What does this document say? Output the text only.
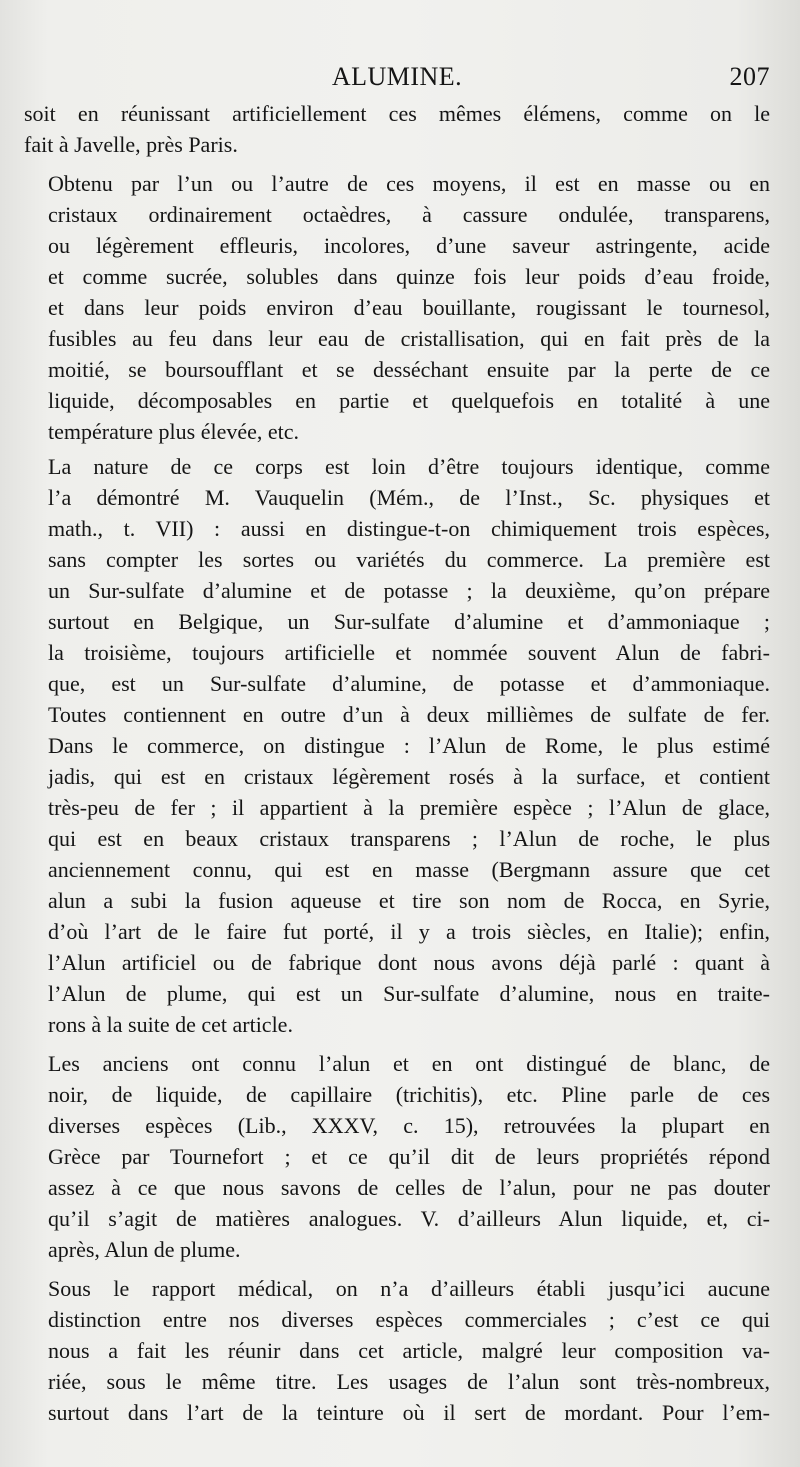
ALUMINE.	207

soit en réunissant artificiellement ces mêmes élémens, comme on le
fait à Javelle, près Paris.

Obtenu par l’un ou l’autre de ces moyens, il est en masse ou en
cristaux ordinairement octaèdres, à cassure ondulée, transparens,
ou légèrement effleuris, incolores, d’une saveur astringente, acide
et comme sucrée, solubles dans quinze fois leur poids d’eau froide,
et dans leur poids environ d’eau bouillante, rougissant le tournesol,
fusibles au feu dans leur eau de cristallisation, qui en fait près de la
moitié, se boursoufflant et se desséchant ensuite par la perte de ce
liquide, décomposables en partie et quelquefois en totalité à une
température plus élevée, etc.

La nature de ce corps est loin d’être toujours identique, comme
l’a démontré M. Vauquelin (Mém., de l’Inst., Sc. physiques et
math., t. VII) : aussi en distingue-t-on chimiquement trois espèces,
sans compter les sortes ou variétés du commerce. La première est
un Sur-sulfate d’alumine et de potasse ; la deuxième, qu’on prépare
surtout en Belgique, un Sur-sulfate d’alumine et d’ammoniaque ;
la troisième, toujours artificielle et nommée souvent Alun de fabri-
que, est un Sur-sulfate d’alumine, de potasse et d’ammoniaque.
Toutes contiennent en outre d’un à deux millièmes de sulfate de fer.
Dans le commerce, on distingue : l’Alun de Rome, le plus estimé
jadis, qui est en cristaux légèrement rosés à la surface, et contient
très-peu de fer ; il appartient à la première espèce ; l’Alun de glace,
qui est en beaux cristaux transparens ; l’Alun de roche, le plus
anciennement connu, qui est en masse (Bergmann assure que cet
alun a subi la fusion aqueuse et tire son nom de Rocca, en Syrie,
d’où l’art de le faire fut porté, il y a trois siècles, en Italie); enfin,
l’Alun artificiel ou de fabrique dont nous avons déjà parlé : quant à
l’Alun de plume, qui est un Sur-sulfate d’alumine, nous en traite-
rons à la suite de cet article.

Les anciens ont connu l’alun et en ont distingué de blanc, de
noir, de liquide, de capillaire (trichitis), etc. Pline parle de ces
diverses espèces (Lib., XXXV, c. 15), retrouvées la plupart en
Grèce par Tournefort ; et ce qu’il dit de leurs propriétés répond
assez à ce que nous savons de celles de l’alun, pour ne pas douter
qu’il s’agit de matières analogues. V. d’ailleurs Alun liquide, et, ci-
après, Alun de plume.

Sous le rapport médical, on n’a d’ailleurs établi jusqu’ici aucune
distinction entre nos diverses espèces commerciales ; c’est ce qui
nous a fait les réunir dans cet article, malgré leur composition va-
riée, sous le même titre. Les usages de l’alun sont très-nombreux,
surtout dans l’art de la teinture où il sert de mordant. Pour l’em-
